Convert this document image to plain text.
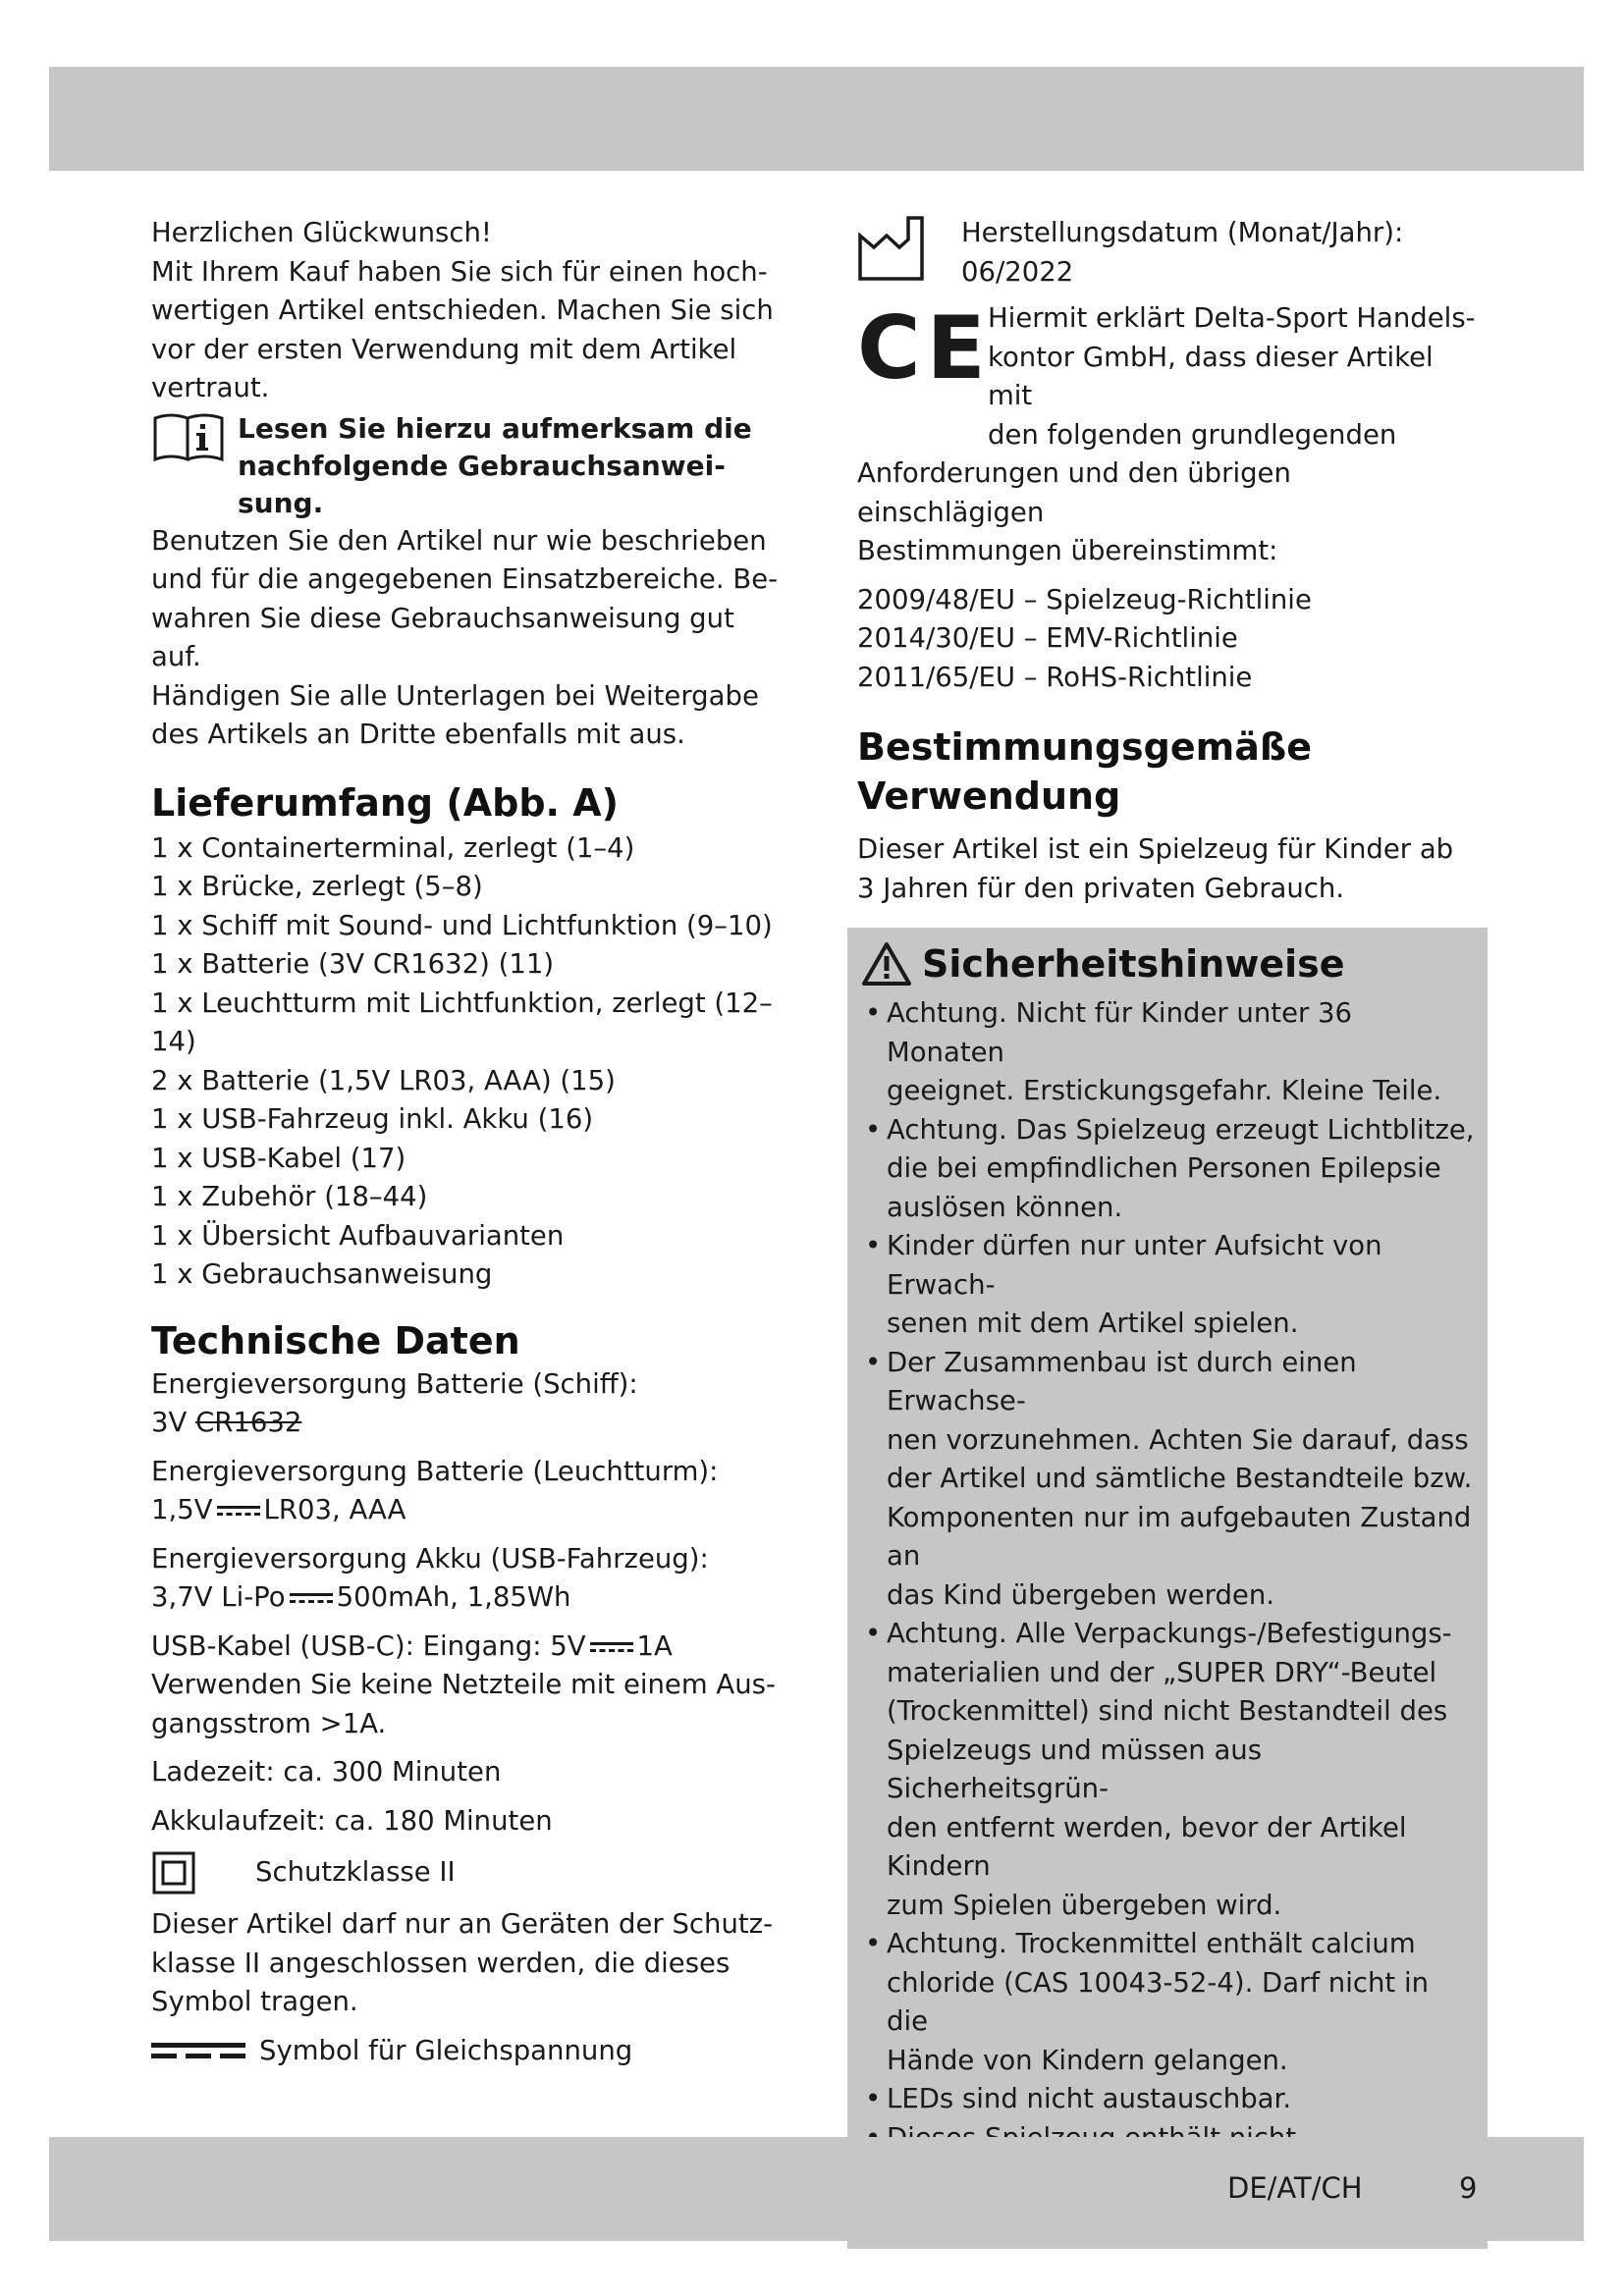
Herzlichen Glückwunsch!

Mit Ihrem Kauf haben Sie sich für einen hoch-
wertigen Artikel entschieden. Machen Sie sich
vor der ersten Verwendung mit dem Artikel
vertraut.
Lesen Sie hierzu aufmerksam die
nachfolgende Gebrauchsanwei-
sung.
Benutzen Sie den Artikel nur wie beschrieben
und für die angegebenen Einsatzbereiche. Be-
wahren Sie diese Gebrauchsanweisung gut auf.
Händigen Sie alle Unterlagen bei Weitergabe
des Artikels an Dritte ebenfalls mit aus.
Lieferumfang (Abb. A)
1 x Containerterminal, zerlegt (1–4)
1 x Brücke, zerlegt (5–8)
1 x Schiff mit Sound- und Lichtfunktion (9–10)
1 x Batterie (3V CR1632) (11)
1 x Leuchtturm mit Lichtfunktion, zerlegt (12–14)
2 x Batterie (1,5V LR03, AAA) (15)
1 x USB-Fahrzeug inkl. Akku (16)
1 x USB-Kabel (17)
1 x Zubehör (18–44)
1 x Übersicht Aufbauvarianten
1 x Gebrauchsanweisung
Technische Daten
Energieversorgung Batterie (Schiff):
3V CR1632
Energieversorgung Batterie (Leuchtturm):
1,5V LR03, AAA
Energieversorgung Akku (USB-Fahrzeug):
3,7V Li-Po 500mAh, 1,85Wh
USB-Kabel (USB-C): Eingang: 5V 1A
Verwenden Sie keine Netzteile mit einem Aus-
gangsstrom >1A.
Ladezeit: ca. 300 Minuten
Akkulaufzeit: ca. 180 Minuten
Schutzklasse II
Dieser Artikel darf nur an Geräten der Schutz-
klasse II angeschlossen werden, die dieses
Symbol tragen.
Symbol für Gleichspannung
Herstellungsdatum (Monat/Jahr):
06/2022
CE
Hiermit erklärt Delta-Sport Handels-
kontor GmbH, dass dieser Artikel mit
den folgenden grundlegenden
Anforderungen und den übrigen einschlägigen
Bestimmungen übereinstimmt:
2009/48/EU – Spielzeug-Richtlinie
2014/30/EU – EMV-Richtlinie
2011/65/EU – RoHS-Richtlinie
Bestimmungsgemäße
Verwendung
Dieser Artikel ist ein Spielzeug für Kinder ab
3 Jahren für den privaten Gebrauch.
Sicherheitshinweise
• Achtung. Nicht für Kinder unter 36 Monaten
geeignet. Erstickungsgefahr. Kleine Teile.
• Achtung. Das Spielzeug erzeugt Lichtblitze,
die bei empfindlichen Personen Epilepsie
auslösen können.
• Kinder dürfen nur unter Aufsicht von Erwach-
senen mit dem Artikel spielen.
• Der Zusammenbau ist durch einen Erwachse-
nen vorzunehmen. Achten Sie darauf, dass
der Artikel und sämtliche Bestandteile bzw.
Komponenten nur im aufgebauten Zustand an
das Kind übergeben werden.
• Achtung. Alle Verpackungs-/Befestigungs-
materialien und der „SUPER DRY“-Beutel
(Trockenmittel) sind nicht Bestandteil des
Spielzeugs und müssen aus Sicherheitsgrün-
den entfernt werden, bevor der Artikel Kindern
zum Spielen übergeben wird.
• Achtung. Trockenmittel enthält calcium
chloride (CAS 10043-52-4). Darf nicht in die
Hände von Kindern gelangen.
• LEDs sind nicht austauschbar.
•
DE/AT/CH	9
